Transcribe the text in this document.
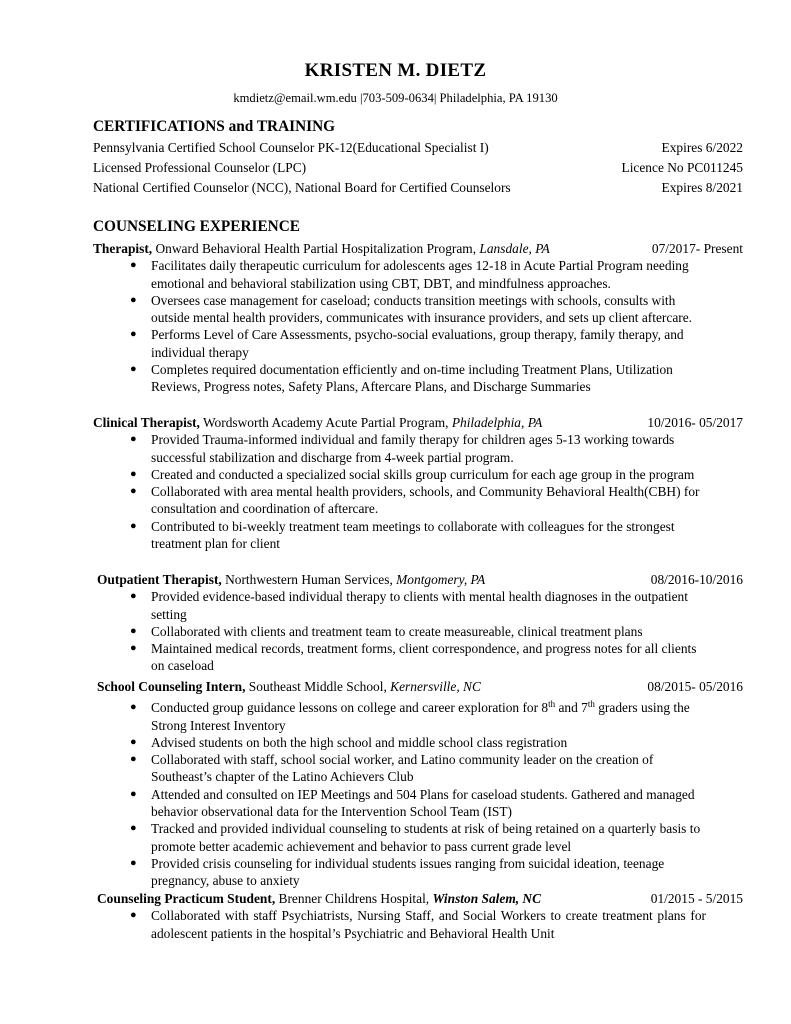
KRISTEN M. DIETZ
kmdietz@email.wm.edu |703-509-0634| Philadelphia, PA 19130
CERTIFICATIONS and TRAINING
Pennsylvania Certified School Counselor PK-12(Educational Specialist I)	Expires 6/2022
Licensed Professional Counselor (LPC)	Licence No PC011245
National Certified Counselor (NCC), National Board for Certified Counselors	Expires 8/2021
COUNSELING EXPERIENCE
Therapist, Onward Behavioral Health Partial Hospitalization Program, Lansdale, PA	07/2017- Present
● Facilitates daily therapeutic curriculum for adolescents ages 12-18 in Acute Partial Program needing emotional and behavioral stabilization using CBT, DBT, and mindfulness approaches.
● Oversees case management for caseload; conducts transition meetings with schools, consults with outside mental health providers, communicates with insurance providers, and sets up client aftercare.
● Performs Level of Care Assessments, psycho-social evaluations, group therapy, family therapy, and individual therapy
● Completes required documentation efficiently and on-time including Treatment Plans, Utilization Reviews, Progress notes, Safety Plans, Aftercare Plans, and Discharge Summaries
Clinical Therapist, Wordsworth Academy Acute Partial Program, Philadelphia, PA	10/2016- 05/2017
● Provided Trauma-informed individual and family therapy for children ages 5-13 working towards successful stabilization and discharge from 4-week partial program.
● Created and conducted a specialized social skills group curriculum for each age group in the program
● Collaborated with area mental health providers, schools, and Community Behavioral Health(CBH) for consultation and coordination of aftercare.
● Contributed to bi-weekly treatment team meetings to collaborate with colleagues for the strongest treatment plan for client
Outpatient Therapist, Northwestern Human Services, Montgomery, PA	08/2016-10/2016
● Provided evidence-based individual therapy to clients with mental health diagnoses in the outpatient setting
● Collaborated with clients and treatment team to create measureable, clinical treatment plans
● Maintained medical records, treatment forms, client correspondence, and progress notes for all clients on caseload
School Counseling Intern, Southeast Middle School, Kernersville, NC	08/2015- 05/2016
● Conducted group guidance lessons on college and career exploration for 8th and 7th graders using the Strong Interest Inventory
● Advised students on both the high school and middle school class registration
● Collaborated with staff, school social worker, and Latino community leader on the creation of Southeast’s chapter of the Latino Achievers Club
● Attended and consulted on IEP Meetings and 504 Plans for caseload students. Gathered and managed behavior observational data for the Intervention School Team (IST)
● Tracked and provided individual counseling to students at risk of being retained on a quarterly basis to promote better academic achievement and behavior to pass current grade level
● Provided crisis counseling for individual students issues ranging from suicidal ideation, teenage pregnancy, abuse to anxiety
Counseling Practicum Student, Brenner Childrens Hospital, Winston Salem, NC	01/2015 - 5/2015
● Collaborated with staff Psychiatrists, Nursing Staff, and Social Workers to create treatment plans for adolescent patients in the hospital’s Psychiatric and Behavioral Health Unit
